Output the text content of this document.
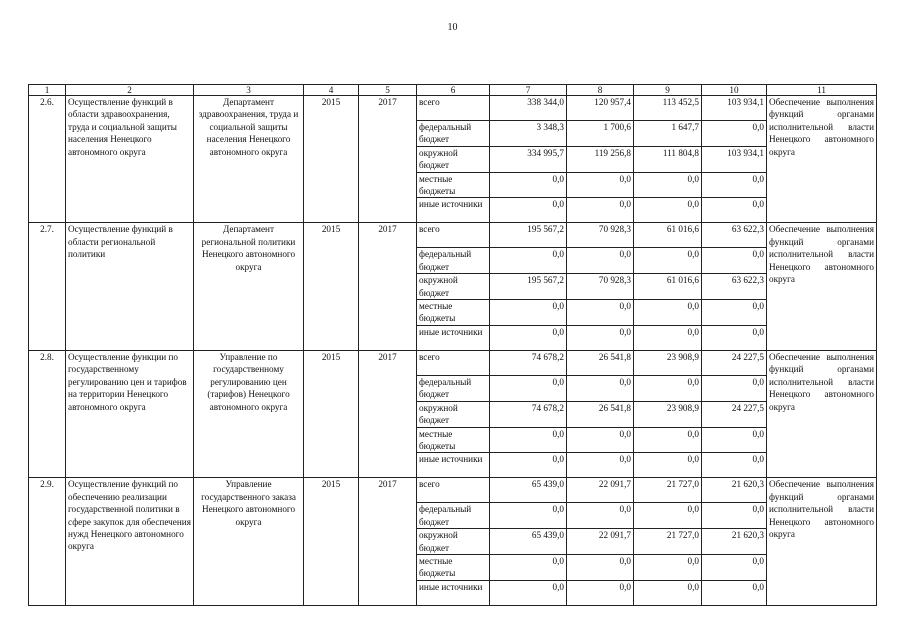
10
1	2	3	4	5	6	7	8	9	10	11
2.6.	Осуществление функций в области здравоохранения, труда и социальной защиты населения Ненецкого автономного округа	Департамент здравоохранения, труда и социальной защиты населения Ненецкого автономного округа	2015	2017	всего	338 344,0	120 957,4	113 452,5	103 934,1	Обеспечение выполнения функций органами исполнительной власти Ненецкого автономного округа
					федеральный бюджет	3 348,3	1 700,6	1 647,7	0,0	
					окружной бюджет	334 995,7	119 256,8	111 804,8	103 934,1	
					местные бюджеты	0,0	0,0	0,0	0,0	
					иные источники	0,0	0,0	0,0	0,0	
2.7.	Осуществление функций в области региональной политики	Департамент региональной политики Ненецкого автономного округа	2015	2017	всего	195 567,2	70 928,3	61 016,6	63 622,3	Обеспечение выполнения функций органами исполнительной власти Ненецкого автономного округа
					федеральный бюджет	0,0	0,0	0,0	0,0	
					окружной бюджет	195 567,2	70 928,3	61 016,6	63 622,3	
					местные бюджеты	0,0	0,0	0,0	0,0	
					иные источники	0,0	0,0	0,0	0,0	
2.8.	Осуществление функции по государственному регулированию цен и тарифов на территории Ненецкого автономного округа	Управление по государственному регулированию цен (тарифов) Ненецкого автономного округа	2015	2017	всего	74 678,2	26 541,8	23 908,9	24 227,5	Обеспечение выполнения функций органами исполнительной власти Ненецкого автономного округа
					федеральный бюджет	0,0	0,0	0,0	0,0	
					окружной бюджет	74 678,2	26 541,8	23 908,9	24 227,5	
					местные бюджеты	0,0	0,0	0,0	0,0	
					иные источники	0,0	0,0	0,0	0,0	
2.9.	Осуществление функций по обеспечению реализации государственной политики в сфере закупок для обеспечения нужд Ненецкого автономного округа	Управление государственного заказа Ненецкого автономного округа	2015	2017	всего	65 439,0	22 091,7	21 727,0	21 620,3	Обеспечение выполнения функций органами исполнительной власти Ненецкого автономного округа
					федеральный бюджет	0,0	0,0	0,0	0,0	
					окружной бюджет	65 439,0	22 091,7	21 727,0	21 620,3	
					местные бюджеты	0,0	0,0	0,0	0,0	
					иные источники	0,0	0,0	0,0	0,0	
